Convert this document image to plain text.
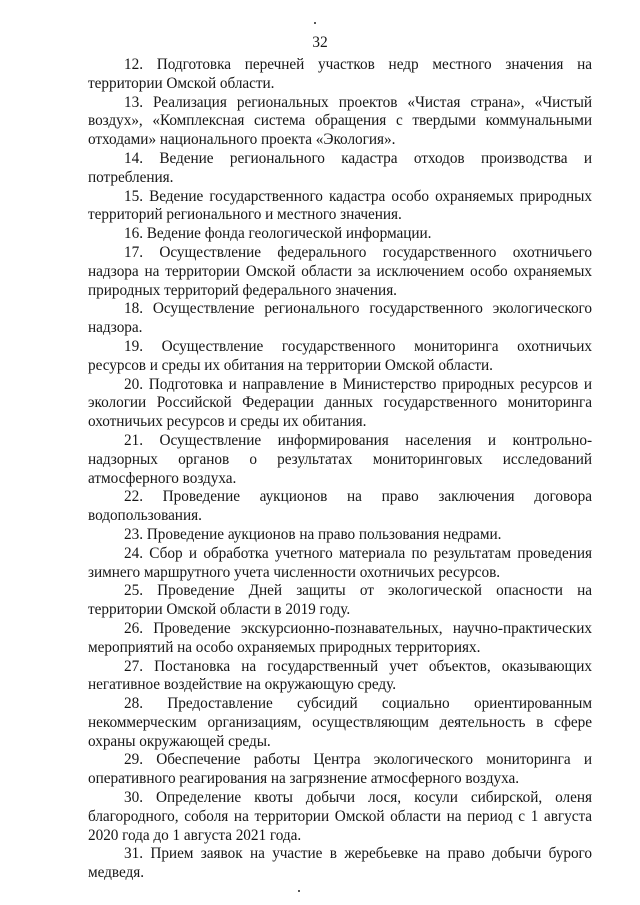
32

12. Подготовка перечней участков недр местного значения на территории Омской области.

13. Реализация региональных проектов «Чистая страна», «Чистый воздух», «Комплексная система обращения с твердыми коммунальными отходами» национального проекта «Экология».

14. Ведение регионального кадастра отходов производства и потребления.

15. Ведение государственного кадастра особо охраняемых природных территорий регионального и местного значения.

16. Ведение фонда геологической информации.

17. Осуществление федерального государственного охотничьего надзора на территории Омской области за исключением особо охраняемых природных территорий федерального значения.

18. Осуществление регионального государственного экологического надзора.

19. Осуществление государственного мониторинга охотничьих ресурсов и среды их обитания на территории Омской области.

20. Подготовка и направление в Министерство природных ресурсов и экологии Российской Федерации данных государственного мониторинга охотничьих ресурсов и среды их обитания.

21. Осуществление информирования населения и контрольно-надзорных органов о результатах мониторинговых исследований атмосферного воздуха.

22. Проведение аукционов на право заключения договора водопользования.

23. Проведение аукционов на право пользования недрами.

24. Сбор и обработка учетного материала по результатам проведения зимнего маршрутного учета численности охотничьих ресурсов.

25. Проведение Дней защиты от экологической опасности на территории Омской области в 2019 году.

26. Проведение экскурсионно-познавательных, научно-практических мероприятий на особо охраняемых природных территориях.

27. Постановка на государственный учет объектов, оказывающих негативное воздействие на окружающую среду.

28. Предоставление субсидий социально ориентированным некоммерческим организациям, осуществляющим деятельность в сфере охраны окружающей среды.

29. Обеспечение работы Центра экологического мониторинга и оперативного реагирования на загрязнение атмосферного воздуха.

30. Определение квоты добычи лося, косули сибирской, оленя благородного, соболя на территории Омской области на период с 1 августа 2020 года до 1 августа 2021 года.

31. Прием заявок на участие в жеребьевке на право добычи бурого медведя.
